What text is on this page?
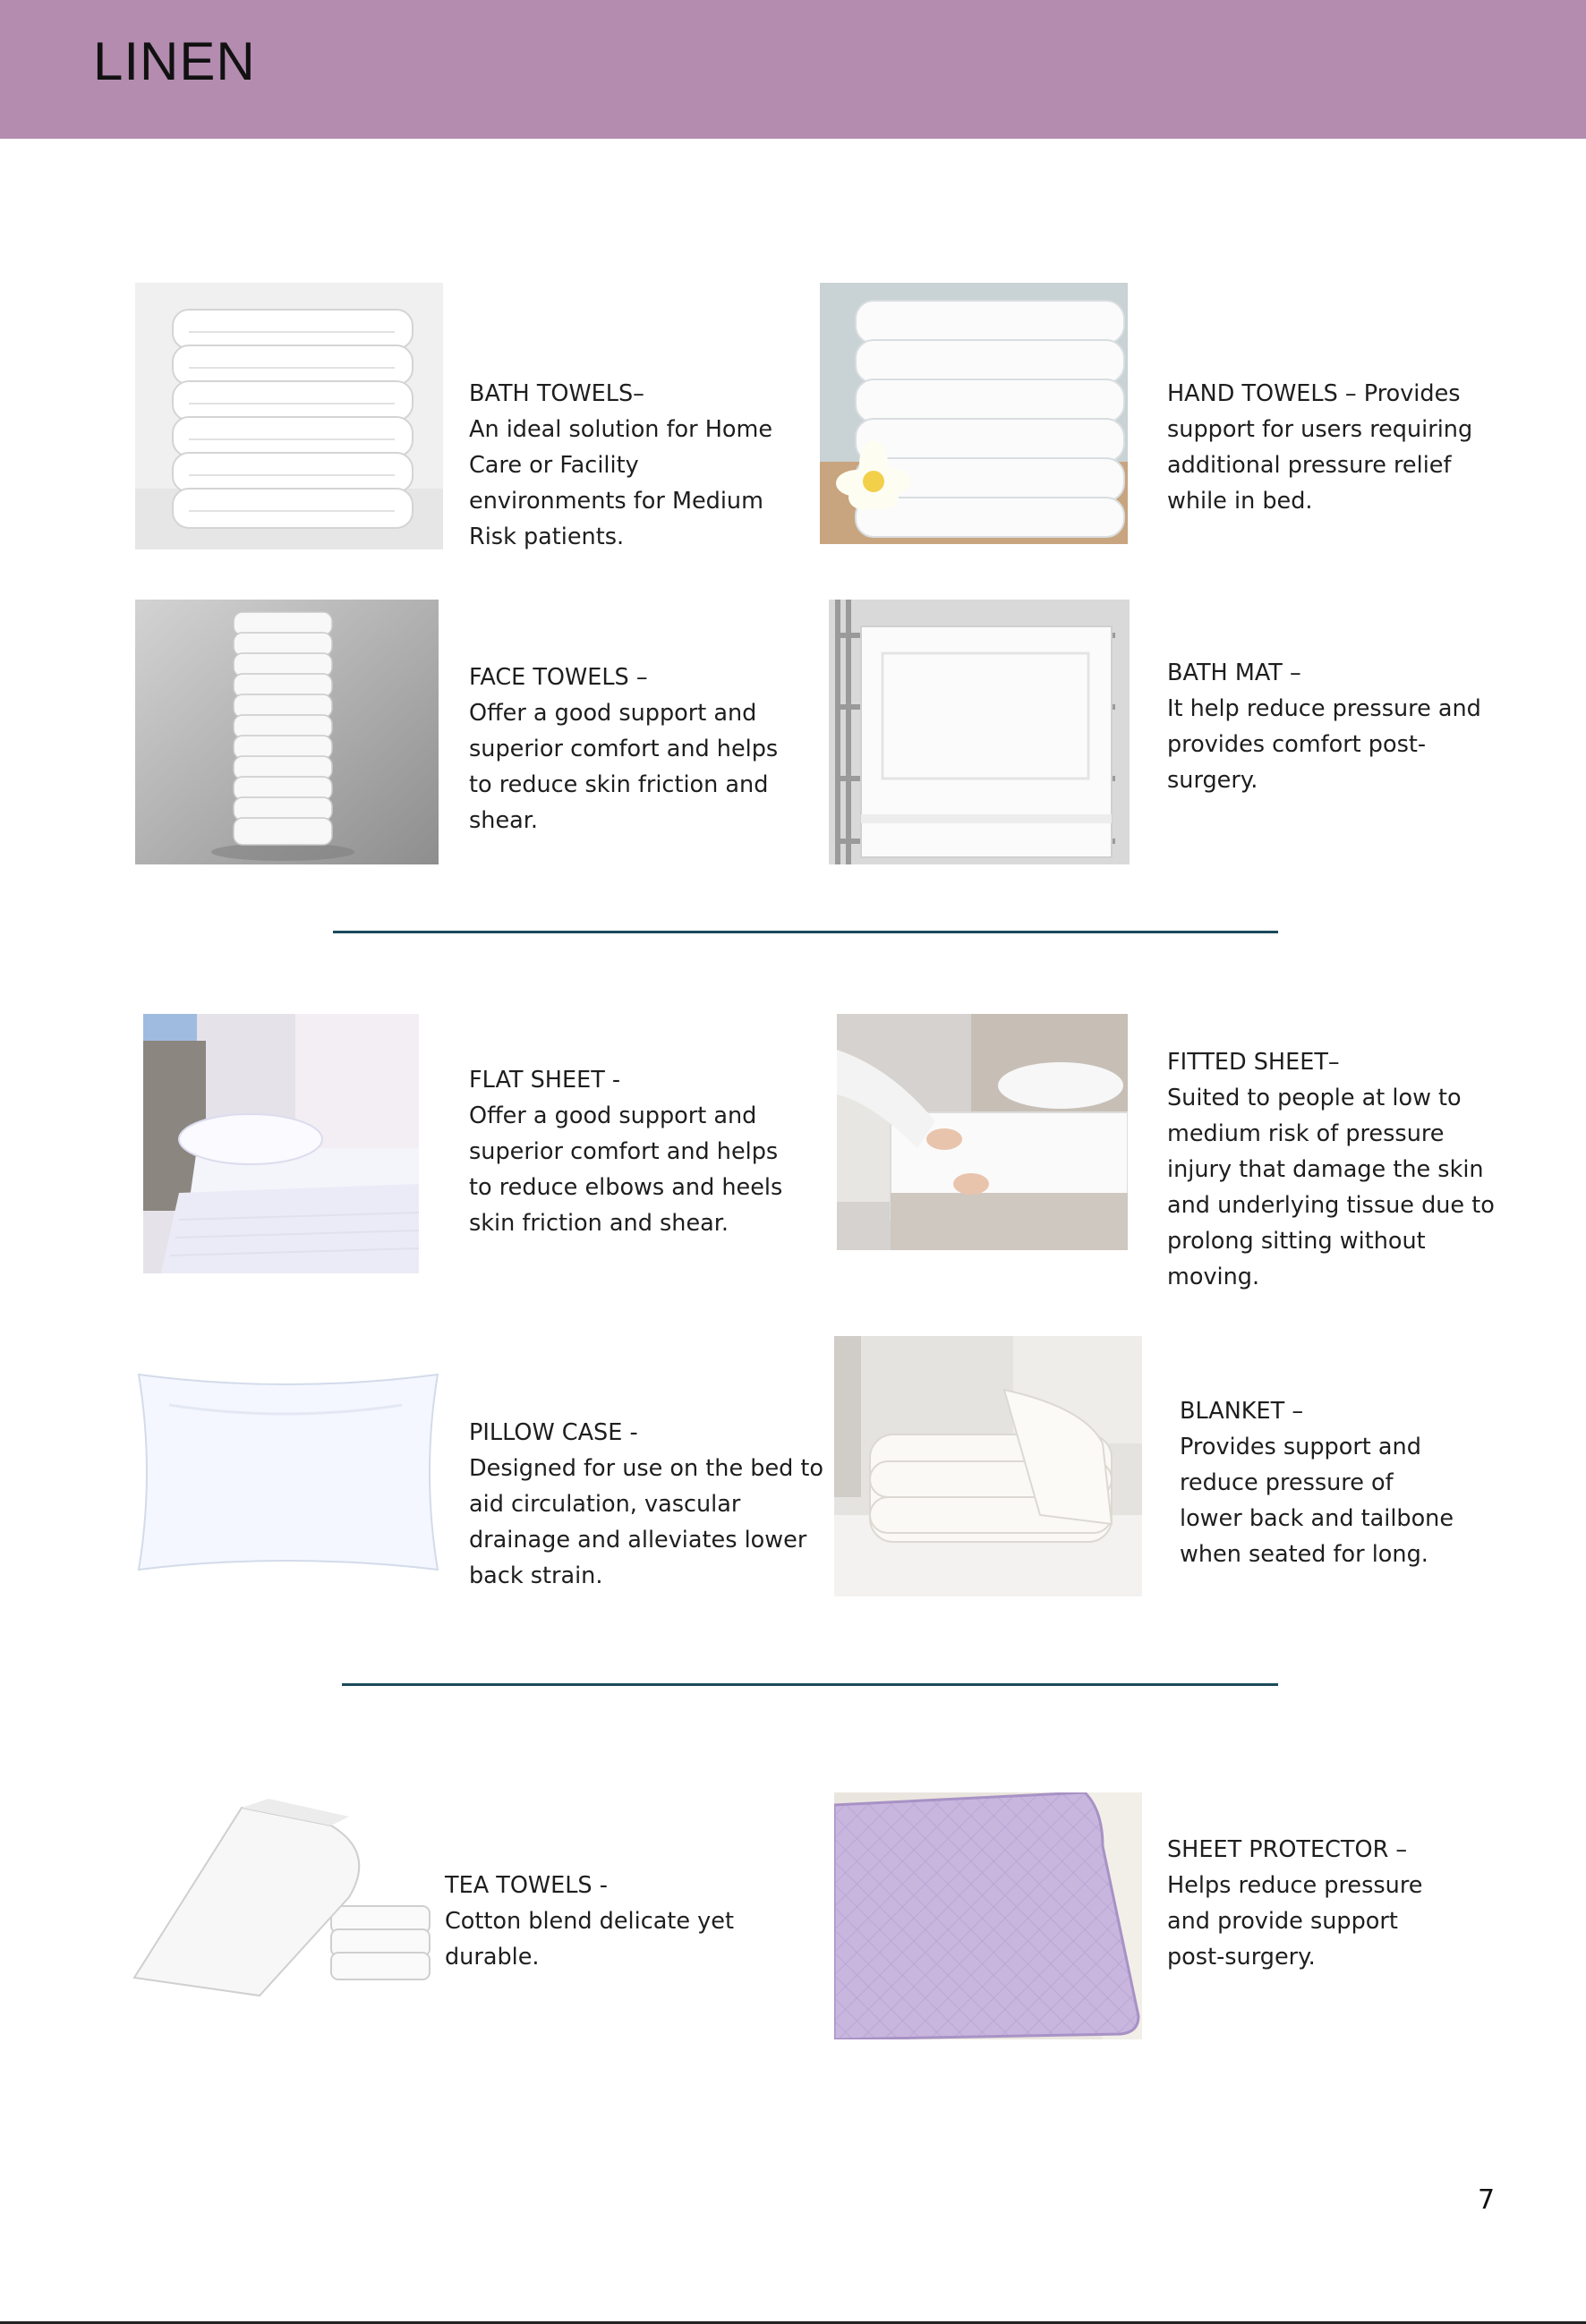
LINEN

BATH TOWELS–
An ideal solution for Home
Care or Facility
environments for Medium
Risk patients.

HAND TOWELS – Provides
support for users requiring
additional pressure relief
while in bed.

FACE TOWELS –
Offer a good support and
superior comfort and helps
to reduce skin friction and
shear.

BATH MAT –
It help reduce pressure and
provides comfort post-
surgery.

FLAT SHEET -
Offer a good support and
superior comfort and helps
to reduce elbows and heels
skin friction and shear.

FITTED SHEET–
Suited to people at low to
medium risk of pressure
injury that damage the skin
and underlying tissue due to
prolong sitting without
moving.

PILLOW CASE -
Designed for use on the bed to
aid circulation, vascular
drainage and alleviates lower
back strain.

BLANKET –
Provides support and
reduce pressure of
lower back and tailbone
when seated for long.

TEA TOWELS -
Cotton blend delicate yet
durable.

SHEET PROTECTOR –
Helps reduce pressure
and provide support
post-surgery.

7
